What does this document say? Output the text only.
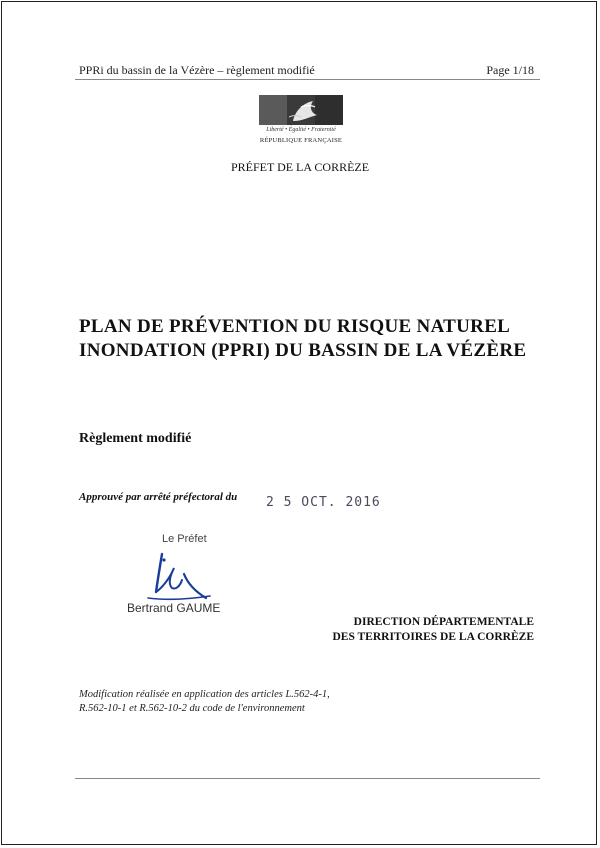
PPRi du bassin de la Vézère – règlement modifié	Page 1/18
Liberté • Égalité • Fraternité
RÉPUBLIQUE FRANÇAISE
PRÉFET DE LA CORRÈZE
PLAN DE PRÉVENTION DU RISQUE NATUREL
INONDATION (PPRI) DU BASSIN DE LA VÉZÈRE
Règlement modifié
Approuvé par arrêté préfectoral du 2 5 OCT. 2016
Le Préfet
Bertrand GAUME
DIRECTION DÉPARTEMENTALE
DES TERRITOIRES DE LA CORRÈZE
Modification réalisée en application des articles L.562-4-1,
R.562-10-1 et R.562-10-2 du code de l'environnement
